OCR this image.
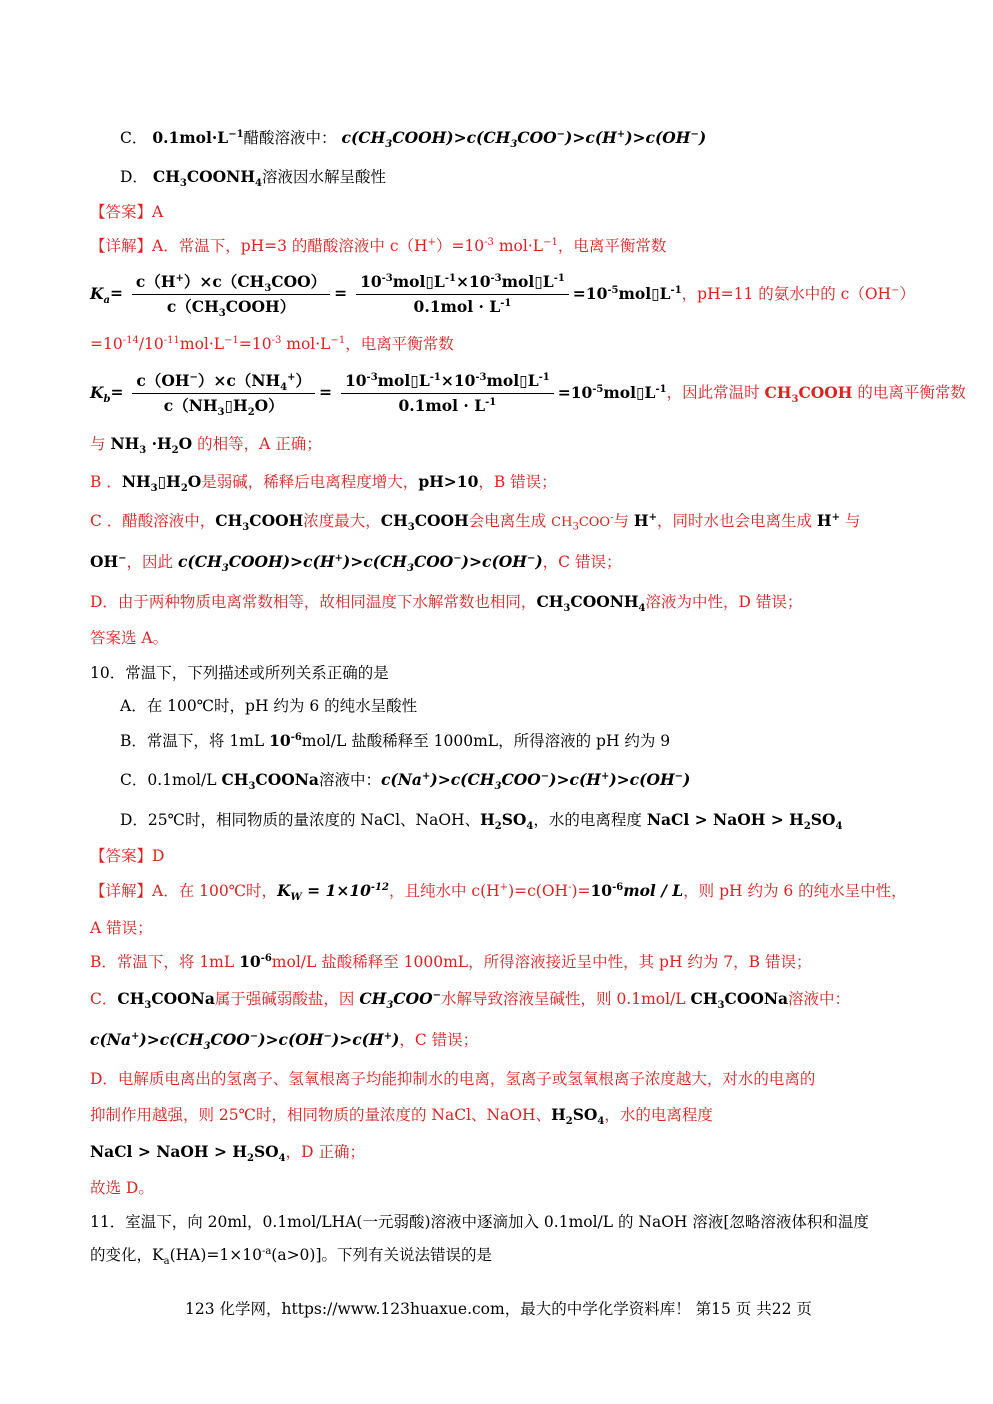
C． $0.1mol\cdot L^{-1}$醋酸溶液中： $c(CH_3COOH)>c(CH_3COO^-)>c(H^+)>c(OH^-)$
D． $CH_3COONH_4$溶液因水解呈酸性
【答案】A
【详解】A．常温下，pH=3 的醋酸溶液中 $c(H^+)=10^{-3}$ $mol\cdot L^{-1}$，电离平衡常数
$K_a= \frac{c(H^+)\times c(CH_3COO)}{c(CH_3COOH)} = \frac{10^{-3}mol▯L^{-1}\times 10^{-3}mol▯L^{-1}}{0.1mol \cdot L^{-1}}$ $=10^{-5}mol▯L^{-1}$，pH=11 的氨水中的 c（OH−）
$=10^{-14}/10^{-11}mol\cdot L^{-1}=10^{-3}$ $mol\cdot L^{-1}$，电离平衡常数
$K_b= \frac{c(OH^-)\times c(NH_4^+)}{c(NH_3▯H_2O)} = \frac{10^{-3}mol▯L^{-1}\times 10^{-3}mol▯L^{-1}}{0.1mol \cdot L^{-1}}$ $=10^{-5}mol▯L^{-1}$，因此常温时 $CH_3COOH$ 的电离平衡常数
与 $NH_3 \cdot H_2O$ 的相等，A 正确；
B ．$NH_3▯H_2O$是弱碱，稀释后电离程度增大，pH>10，B 错误；
C ．醋酸溶液中，$CH_3COOH$浓度最大，$CH_3COOH$会电离生成 $CH_3COO^-$与 H+，同时水也会电离生成 H+ 与
OH−，因此 $c(CH_3COOH)>c(H^+)>c(CH_3COO^-)>c(OH^-)$，C 错误；
D．由于两种物质电离常数相等，故相同温度下水解常数也相同，$CH_3COONH_4$溶液为中性，D 错误；
答案选 A。
10．常温下，下列描述或所列关系正确的是
A．在 100℃时，pH 约为 6 的纯水呈酸性
B．常温下，将 1mL $10^{-6}mol/L$ 盐酸稀释至 1000mL，所得溶液的 pH 约为 9
C．0.1mol/L $CH_3COONa$溶液中：$c(Na^+)>c(CH_3COO^-)>c(H^+)>c(OH^-)$
D．25℃时，相同物质的量浓度的 NaCl、NaOH、$H_2SO_4$，水的电离程度 NaCl > NaOH > $H_2SO_4$
【答案】D
【详解】A．在 100℃时，$K_W = 1\times 10^{-12}$，且纯水中 $c(H^+)=c(OH^-)=10^{-6}mol / L$，则 pH 约为 6 的纯水呈中性，
A 错误；
B．常温下，将 1mL $10^{-6}mol/L$ 盐酸稀释至 1000mL，所得溶液接近呈中性，其 pH 约为 7，B 错误；
C．$CH_3COONa$属于强碱弱酸盐，因 $CH_3COO^-$水解导致溶液呈碱性，则 0.1mol/L $CH_3COONa$溶液中：
$c(Na^+)>c(CH_3COO^-)>c(OH^-)>c(H^+)$，C 错误；
D．电解质电离出的氢离子、氢氧根离子均能抑制水的电离，氢离子或氢氧根离子浓度越大，对水的电离的
抑制作用越强，则 25℃时，相同物质的量浓度的 NaCl、NaOH、$H_2SO_4$，水的电离程度
NaCl > NaOH > $H_2SO_4$，D 正确；
故选 D。
11．室温下，向 20ml，0.1mol/LHA(一元弱酸)溶液中逐滴加入 0.1mol/L 的 NaOH 溶液[忽略溶液体积和温度
的变化，$K_a(HA)=1\times 10^{-a}(a>0)$]。下列有关说法错误的是
123 化学网，https://www.123huaxue.com，最大的中学化学资料库！ 第15 页 共22 页
